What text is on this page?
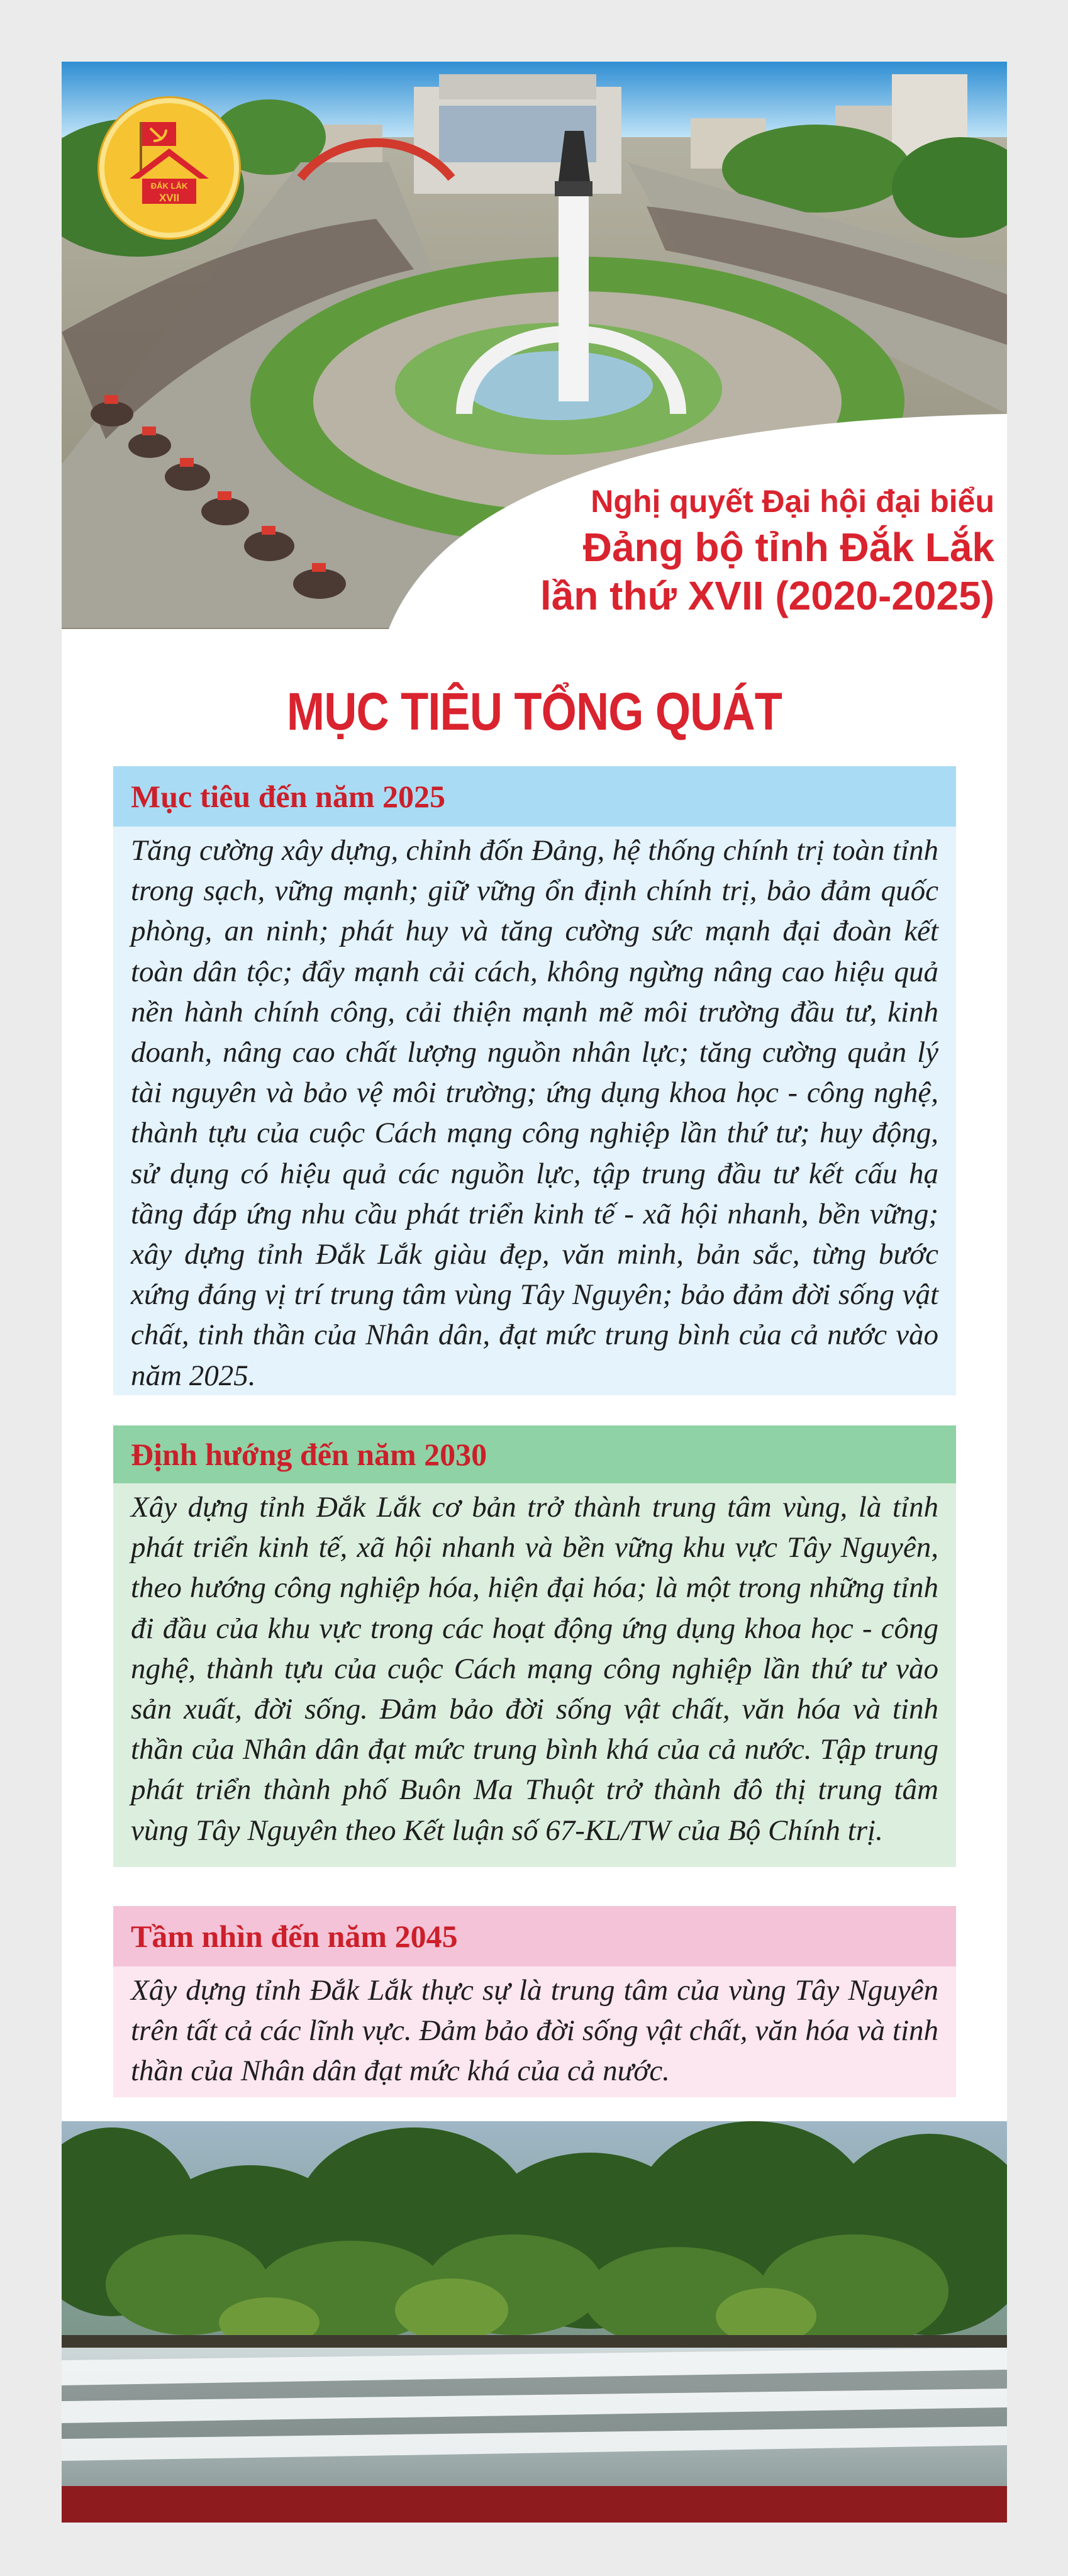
ĐẮK LẮK
XVII
Nghị quyết Đại hội đại biểu
Đảng bộ tỉnh Đắk Lắk
lần thứ XVII (2020-2025)
MỤC TIÊU TỔNG QUÁT
Mục tiêu đến năm 2025
Tăng cường xây dựng, chỉnh đốn Đảng, hệ thống chính trị toàn tỉnh trong sạch, vững mạnh; giữ vững ổn định chính trị, bảo đảm quốc phòng, an ninh; phát huy và tăng cường sức mạnh đại đoàn kết toàn dân tộc; đẩy mạnh cải cách, không ngừng nâng cao hiệu quả nền hành chính công, cải thiện mạnh mẽ môi trường đầu tư, kinh doanh, nâng cao chất lượng nguồn nhân lực; tăng cường quản lý tài nguyên và bảo vệ môi trường; ứng dụng khoa học - công nghệ, thành tựu của cuộc Cách mạng công nghiệp lần thứ tư; huy động, sử dụng có hiệu quả các nguồn lực, tập trung đầu tư kết cấu hạ tầng đáp ứng nhu cầu phát triển kinh tế - xã hội nhanh, bền vững; xây dựng tỉnh Đắk Lắk giàu đẹp, văn minh, bản sắc, từng bước xứng đáng vị trí trung tâm vùng Tây Nguyên; bảo đảm đời sống vật chất, tinh thần của Nhân dân, đạt mức trung bình của cả nước vào năm 2025.
Định hướng đến năm 2030
Xây dựng tỉnh Đắk Lắk cơ bản trở thành trung tâm vùng, là tỉnh phát triển kinh tế, xã hội nhanh và bền vững khu vực Tây Nguyên, theo hướng công nghiệp hóa, hiện đại hóa; là một trong những tỉnh đi đầu của khu vực trong các hoạt động ứng dụng khoa học - công nghệ, thành tựu của cuộc Cách mạng công nghiệp lần thứ tư vào sản xuất, đời sống. Đảm bảo đời sống vật chất, văn hóa và tinh thần của Nhân dân đạt mức trung bình khá của cả nước. Tập trung phát triển thành phố Buôn Ma Thuột trở thành đô thị trung tâm vùng Tây Nguyên theo Kết luận số 67-KL/TW của Bộ Chính trị.
Tầm nhìn đến năm 2045
Xây dựng tỉnh Đắk Lắk thực sự là trung tâm của vùng Tây Nguyên trên tất cả các lĩnh vực. Đảm bảo đời sống vật chất, văn hóa và tinh thần của Nhân dân đạt mức khá của cả nước.
